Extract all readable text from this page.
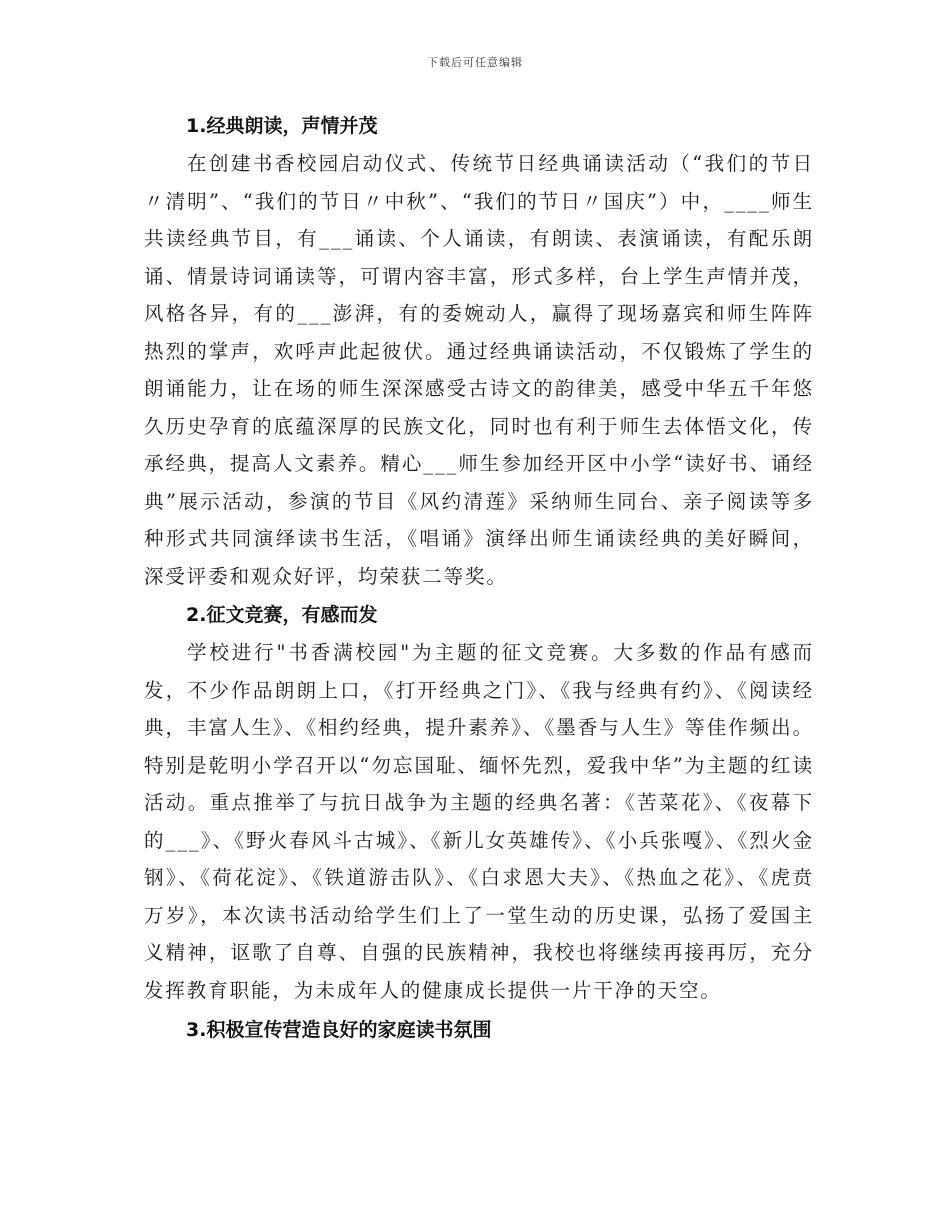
下载后可任意编辑
1.经典朗读，声情并茂

在创建书香校园启动仪式、传统节日经典诵读活动（“我们的节日〃清明”、“我们的节日〃中秋”、“我们的节日〃国庆”）中，____师生共读经典节目，有___诵读、个人诵读，有朗读、表演诵读，有配乐朗诵、情景诗词诵读等，可谓内容丰富，形式多样，台上学生声情并茂，风格各异，有的___澎湃，有的委婉动人，赢得了现场嘉宾和师生阵阵热烈的掌声，欢呼声此起彼伏。通过经典诵读活动，不仅锻炼了学生的朗诵能力，让在场的师生深深感受古诗文的韵律美，感受中华五千年悠久历史孕育的底蕴深厚的民族文化，同时也有利于师生去体悟文化，传承经典，提高人文素养。精心___师生参加经开区中小学“读好书、诵经典”展示活动，参演的节目《风约清莲》采纳师生同台、亲子阅读等多种形式共同演绎读书生活，《唱诵》演绎出师生诵读经典的美好瞬间，深受评委和观众好评，均荣获二等奖。

2.征文竞赛，有感而发

学校进行"书香满校园"为主题的征文竞赛。大多数的作品有感而发，不少作品朗朗上口，《打开经典之门》、《我与经典有约》、《阅读经典，丰富人生》、《相约经典，提升素养》、《墨香与人生》等佳作频出。特别是乾明小学召开以“勿忘国耻、缅怀先烈，爱我中华”为主题的红读活动。重点推举了与抗日战争为主题的经典名著：《苦菜花》、《夜幕下的___》、《野火春风斗古城》、《新儿女英雄传》、《小兵张嘎》、《烈火金钢》、《荷花淀》、《铁道游击队》、《白求恩大夫》、《热血之花》、《虎贲万岁》，本次读书活动给学生们上了一堂生动的历史课，弘扬了爱国主义精神，讴歌了自尊、自强的民族精神，我校也将继续再接再厉，充分发挥教育职能，为未成年人的健康成长提供一片干净的天空。

3.积极宣传营造良好的家庭读书氛围
